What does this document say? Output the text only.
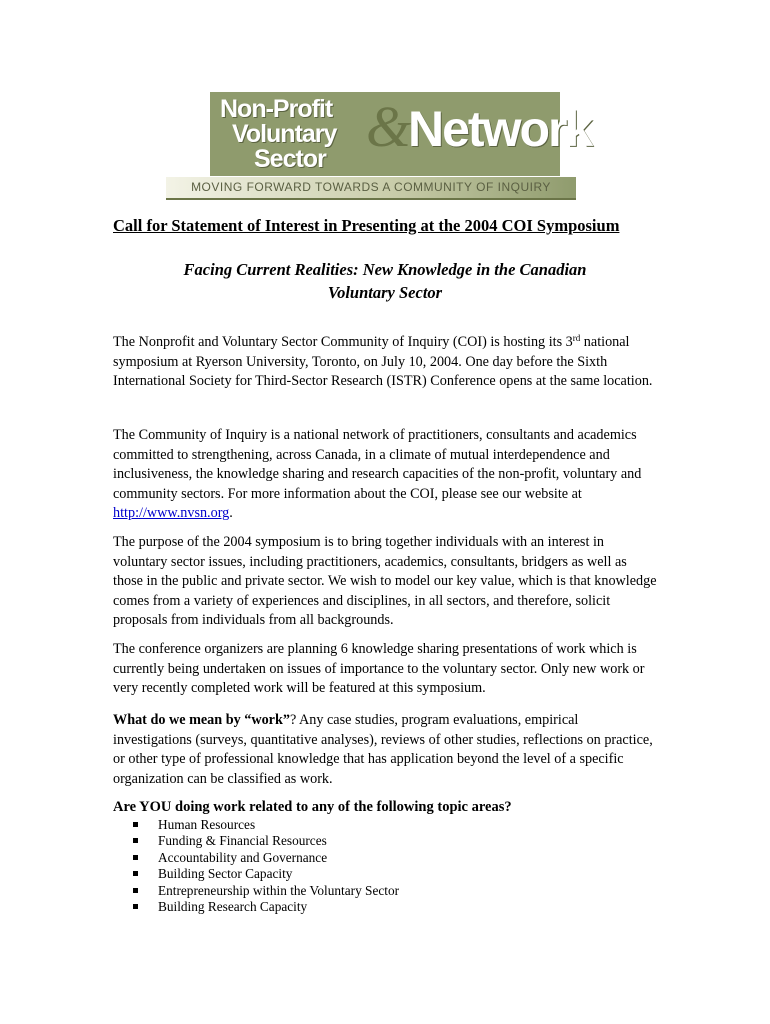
Non-Profit
Voluntary
Sector &
Network
MOVING FORWARD TOWARDS A COMMUNITY OF INQUIRY
Call for Statement of Interest in Presenting at the 2004 COI Symposium
Facing Current Realities: New Knowledge in the Canadian
Voluntary Sector
The Nonprofit and Voluntary Sector Community of Inquiry (COI) is hosting its 3rd national symposium at Ryerson University, Toronto, on July 10, 2004. One day before the Sixth International Society for Third-Sector Research (ISTR) Conference opens at the same location.
The Community of Inquiry is a national network of practitioners, consultants and academics committed to strengthening, across Canada, in a climate of mutual interdependence and inclusiveness, the knowledge sharing and research capacities of the non-profit, voluntary and community sectors. For more information about the COI, please see our website at http://www.nvsn.org.
The purpose of the 2004 symposium is to bring together individuals with an interest in voluntary sector issues, including practitioners, academics, consultants, bridgers as well as those in the public and private sector. We wish to model our key value, which is that knowledge comes from a variety of experiences and disciplines, in all sectors, and therefore, solicit proposals from individuals from all backgrounds.
The conference organizers are planning 6 knowledge sharing presentations of work which is currently being undertaken on issues of importance to the voluntary sector. Only new work or very recently completed work will be featured at this symposium.
What do we mean by “work”? Any case studies, program evaluations, empirical investigations (surveys, quantitative analyses), reviews of other studies, reflections on practice, or other type of professional knowledge that has application beyond the level of a specific organization can be classified as work.
Are YOU doing work related to any of the following topic areas?
Human Resources
Funding & Financial Resources
Accountability and Governance
Building Sector Capacity
Entrepreneurship within the Voluntary Sector
Building Research Capacity
